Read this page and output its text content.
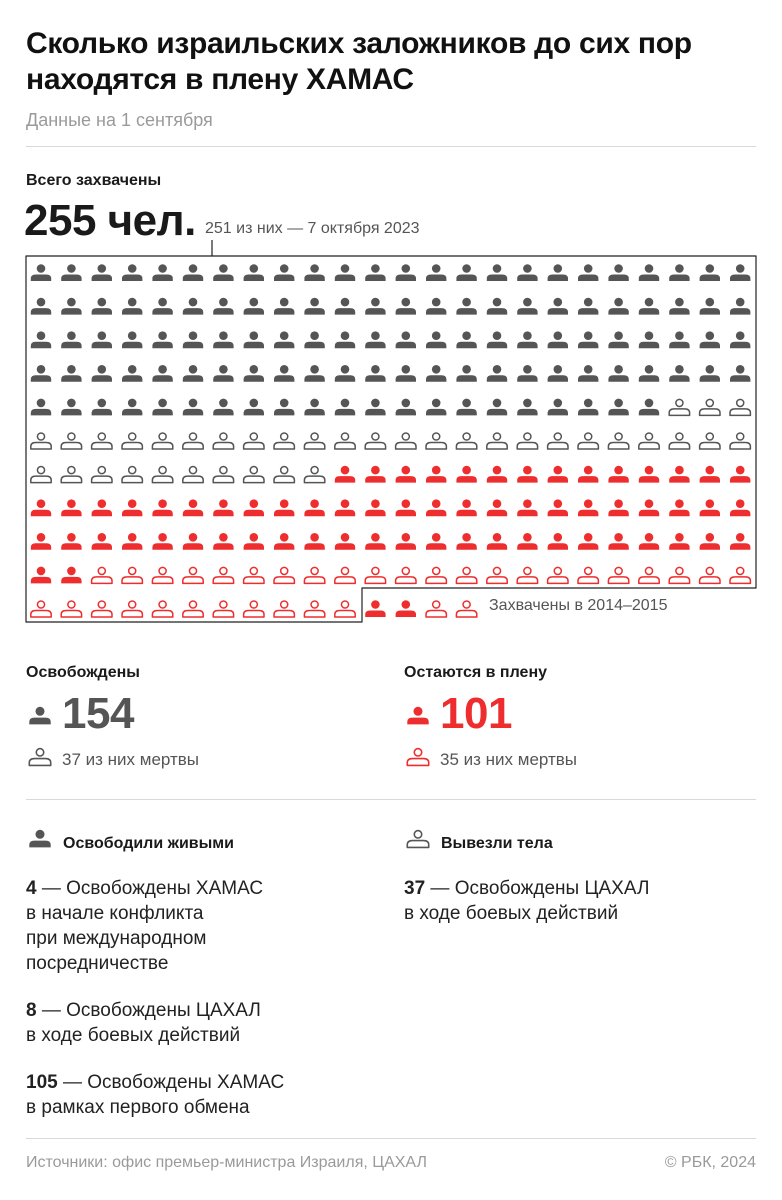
Сколько израильских заложников до сих пор находятся в плену ХАМАС
Данные на 1 сентября
Всего захвачены
255 чел. 251 из них — 7 октября 2023
Захвачены в 2014–2015
Освобождены
154
37 из них мертвы
Остаются в плену
101
35 из них мертвы
Освободили живыми	Вывезли тела
4 — Освобождены ХАМАС
в начале конфликта
при международном
посредничестве
8 — Освобождены ЦАХАЛ
в ходе боевых действий
105 — Освобождены ХАМАС
в рамках первого обмена
37 — Освобождены ЦАХАЛ
в ходе боевых действий
Источники: офис премьер-министра Израиля, ЦАХАЛ	© РБК, 2024
